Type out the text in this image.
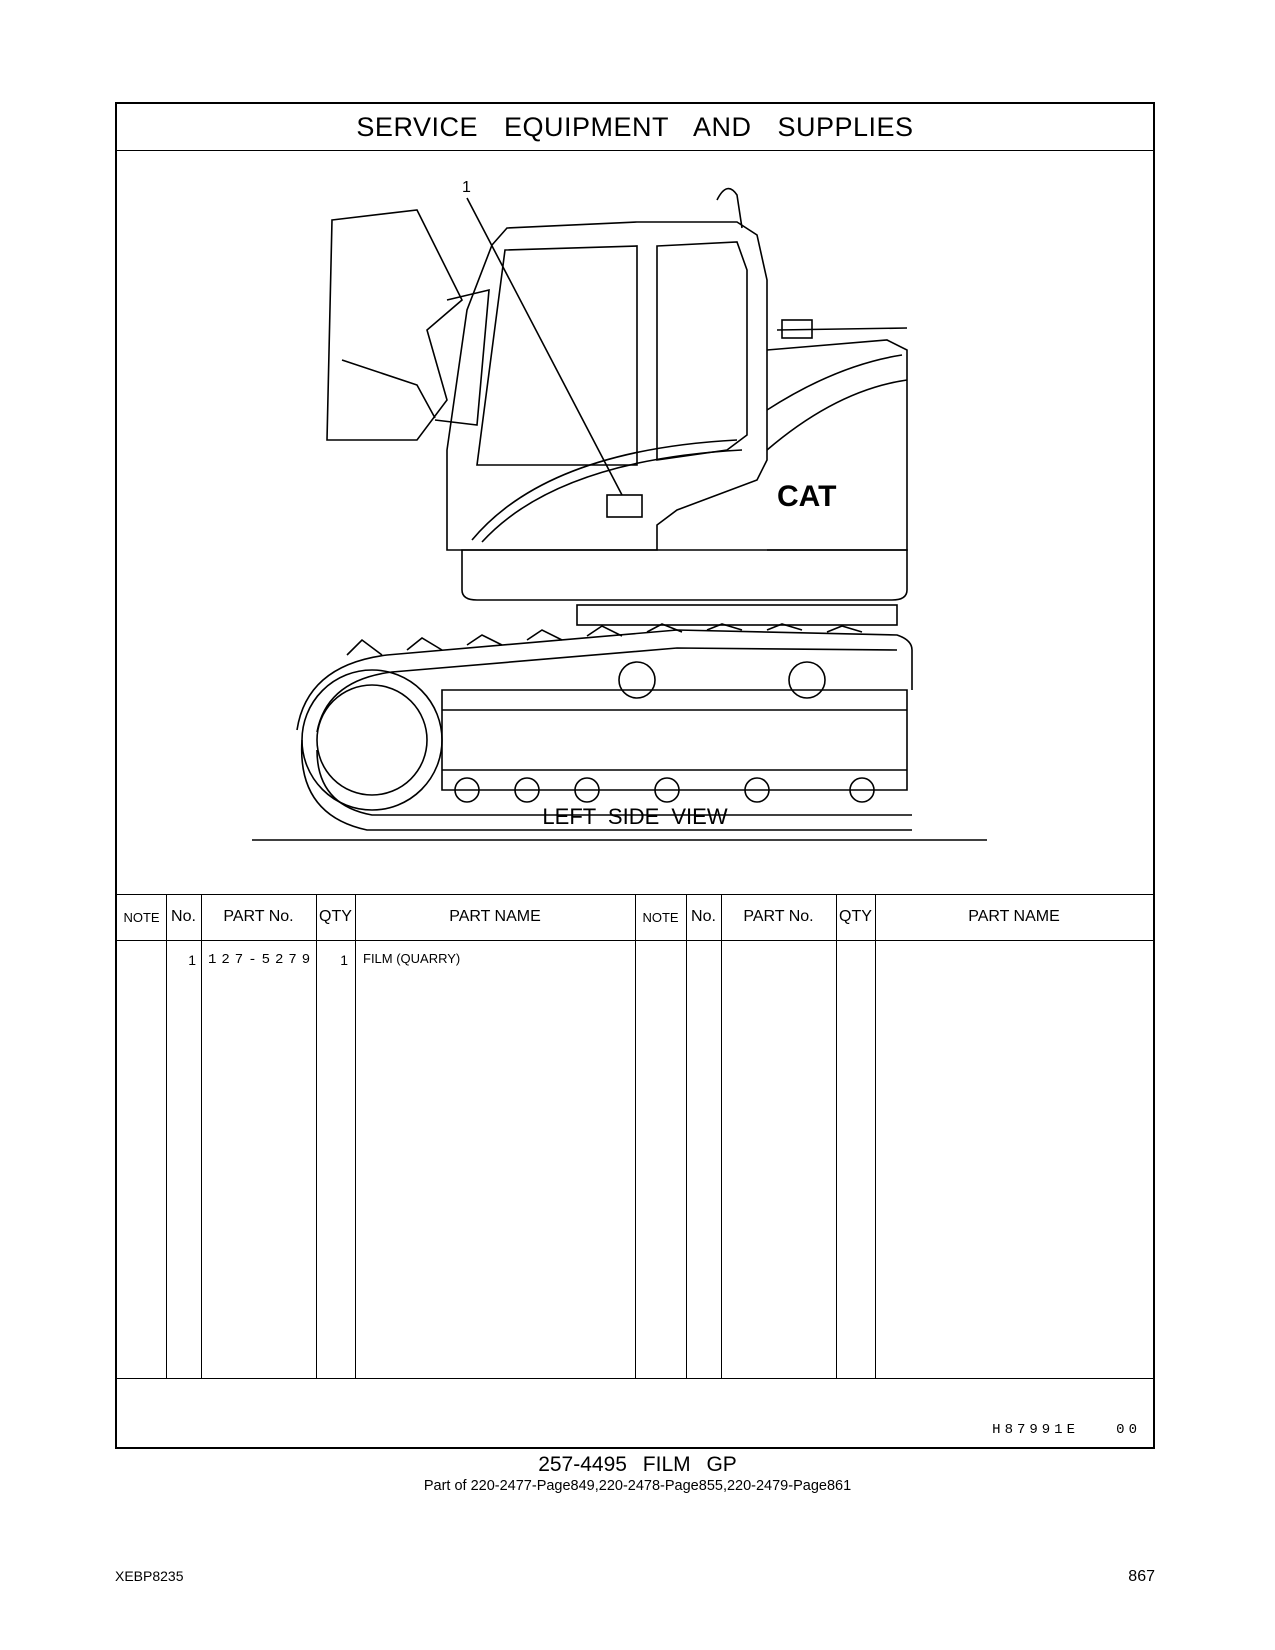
SERVICE EQUIPMENT AND SUPPLIES
1
CAT
LEFT SIDE VIEW
NOTE No.	PART No.	QTY	PART NAME	NOTE No.	PART No.	QTY	PART NAME
1 127-5279	1 FILM (QUARRY)
H87991E   00
257-4495 FILM GP
Part of 220-2477-Page849,220-2478-Page855,220-2479-Page861
XEBP8235	867
